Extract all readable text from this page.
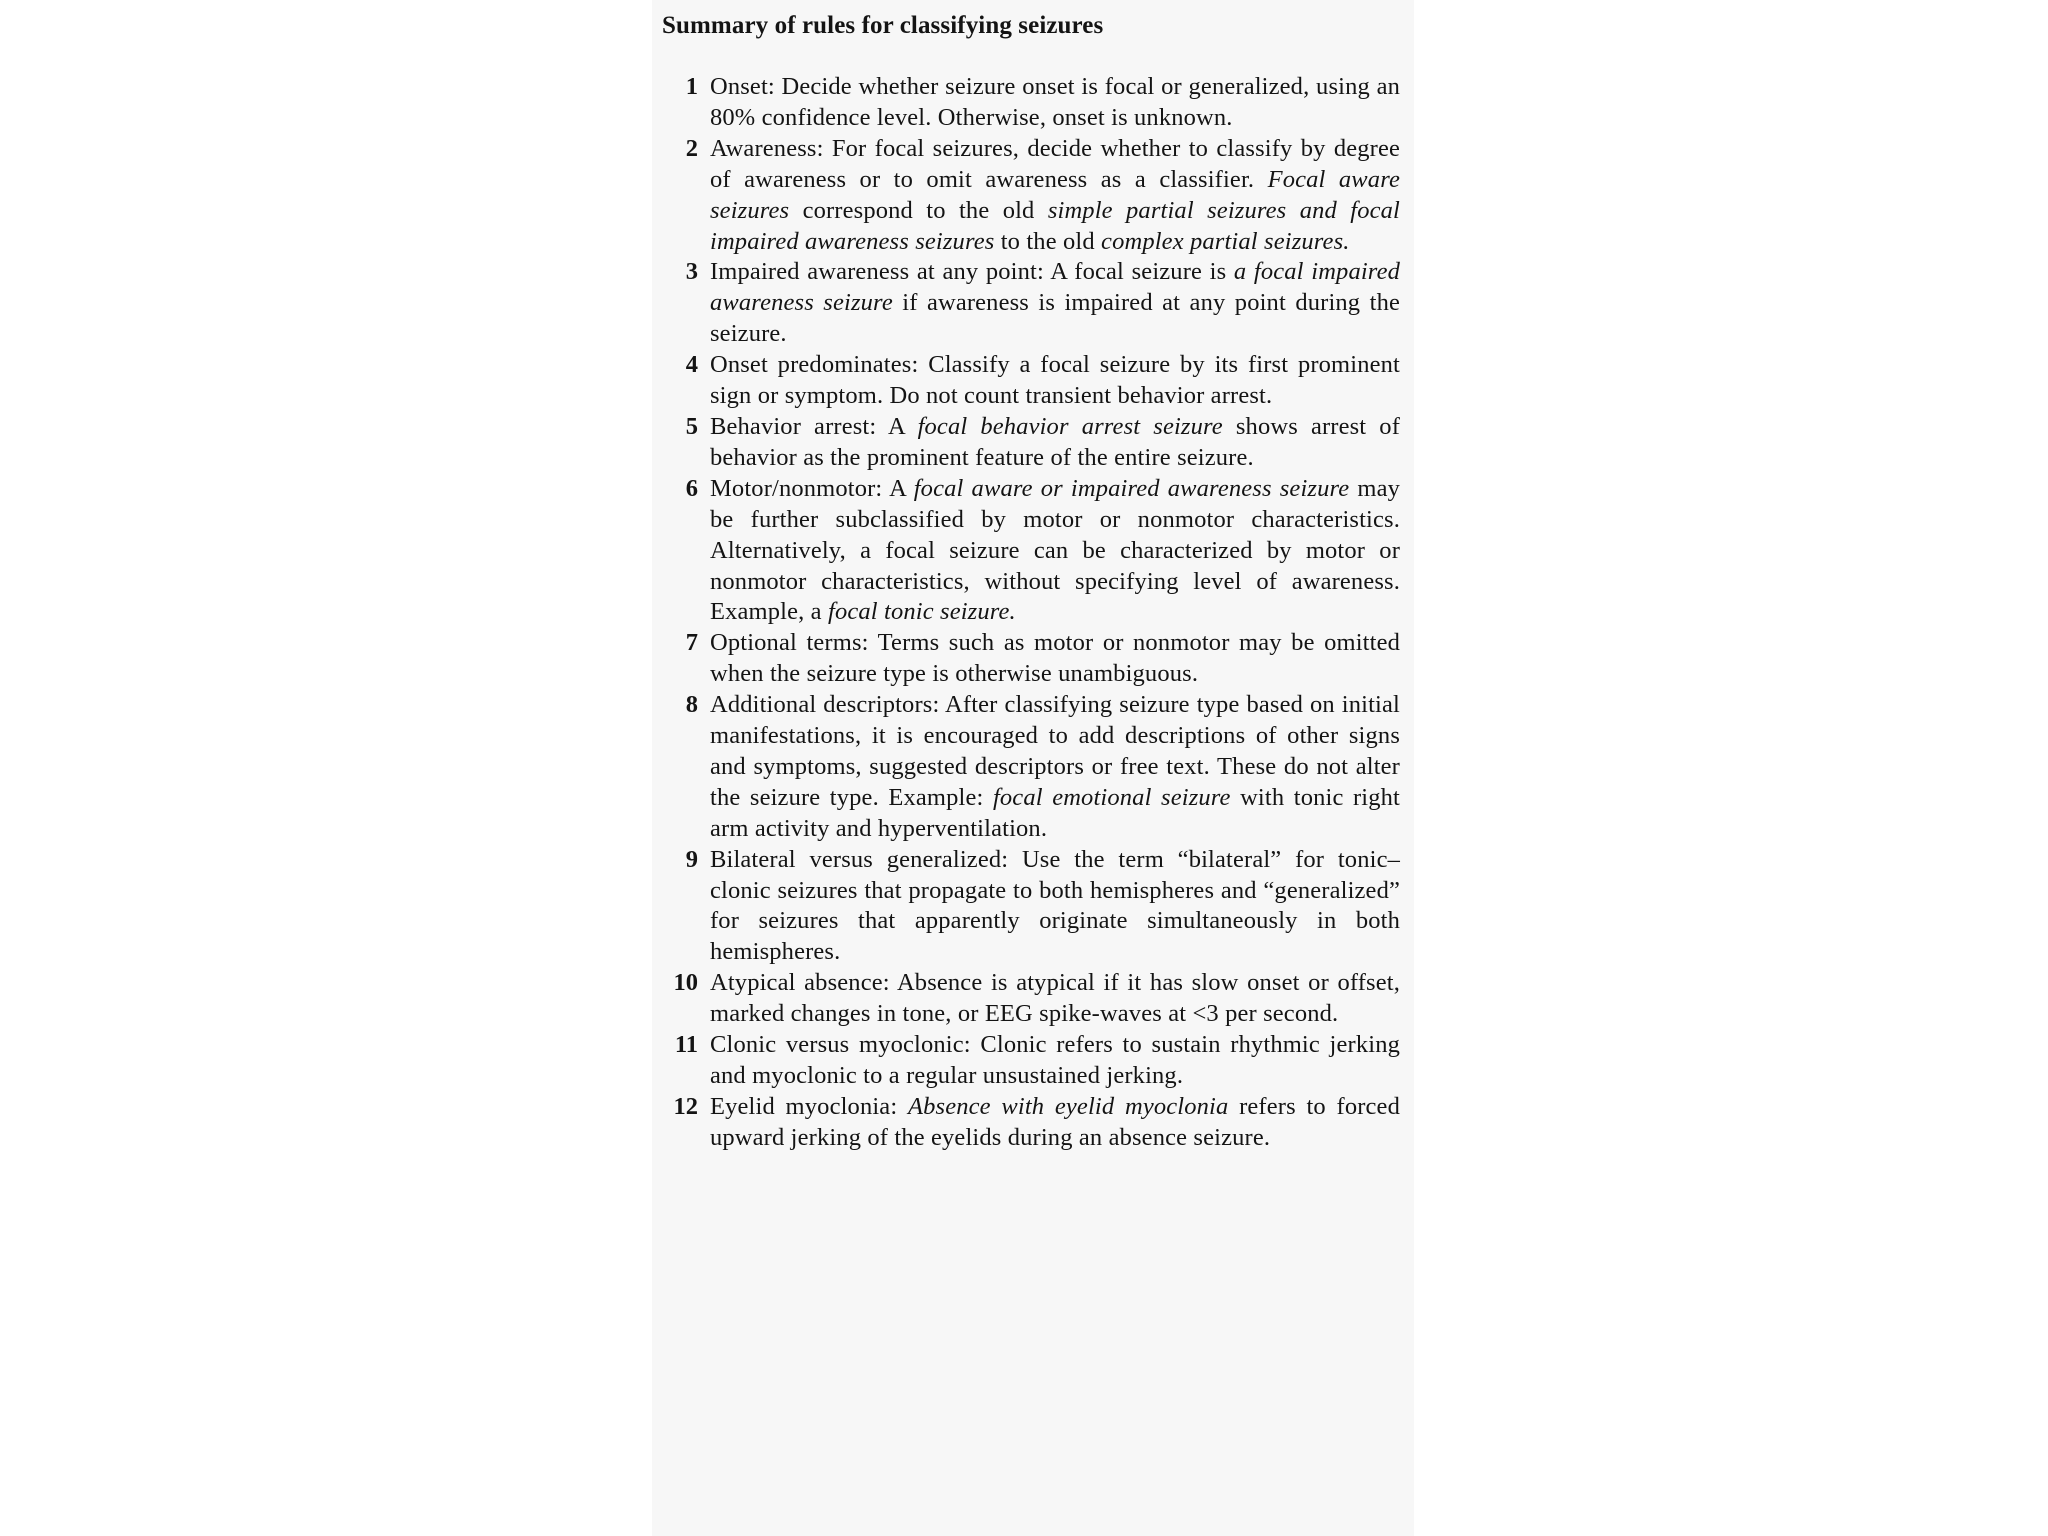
Summary of rules for classifying seizures
1 Onset: Decide whether seizure onset is focal or generalized, using an 80% confidence level. Otherwise, onset is unknown.
2 Awareness: For focal seizures, decide whether to classify by degree of awareness or to omit awareness as a classifier. Focal aware seizures correspond to the old simple partial seizures and focal impaired awareness seizures to the old complex partial seizures.
3 Impaired awareness at any point: A focal seizure is a focal impaired awareness seizure if awareness is impaired at any point during the seizure.
4 Onset predominates: Classify a focal seizure by its first prominent sign or symptom. Do not count transient behavior arrest.
5 Behavior arrest: A focal behavior arrest seizure shows arrest of behavior as the prominent feature of the entire seizure.
6 Motor/nonmotor: A focal aware or impaired awareness seizure may be further subclassified by motor or nonmotor characteristics. Alternatively, a focal seizure can be characterized by motor or nonmotor characteristics, without specifying level of awareness. Example, a focal tonic seizure.
7 Optional terms: Terms such as motor or nonmotor may be omitted when the seizure type is otherwise unambiguous.
8 Additional descriptors: After classifying seizure type based on initial manifestations, it is encouraged to add descriptions of other signs and symptoms, suggested descriptors or free text. These do not alter the seizure type. Example: focal emotional seizure with tonic right arm activity and hyperventilation.
9 Bilateral versus generalized: Use the term “bilateral” for tonic–clonic seizures that propagate to both hemispheres and “generalized” for seizures that apparently originate simultaneously in both hemispheres.
10 Atypical absence: Absence is atypical if it has slow onset or offset, marked changes in tone, or EEG spike-waves at <3 per second.
11 Clonic versus myoclonic: Clonic refers to sustain rhythmic jerking and myoclonic to a regular unsustained jerking.
12 Eyelid myoclonia: Absence with eyelid myoclonia refers to forced upward jerking of the eyelids during an absence seizure.
